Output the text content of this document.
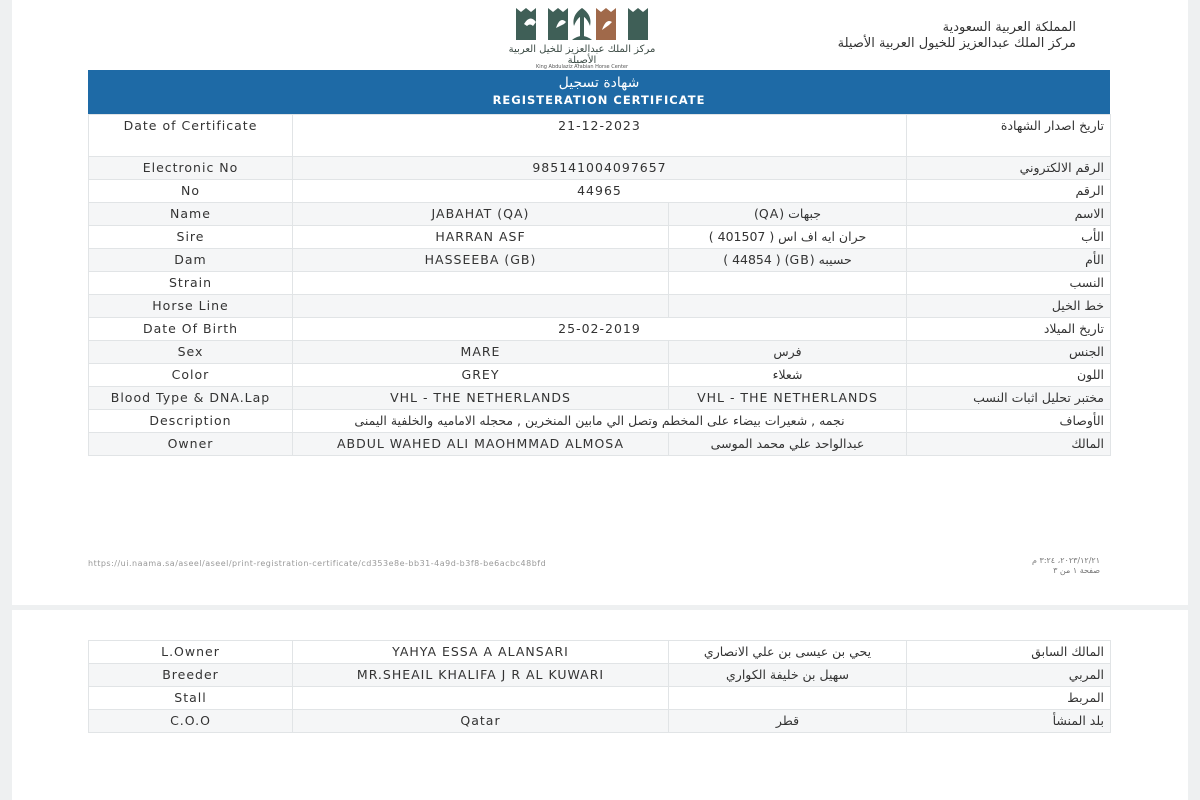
مركز الملك عبدالعزيز للخيل العربية الأصيلة
King Abdulaziz Arabian Horse Center
المملكة العربية السعودية
مركز الملك عبدالعزيز للخيول العربية الأصيلة
شهادة تسجيل
REGISTERATION CERTIFICATE
Date of Certificate	21-12-2023		تاريخ اصدار الشهادة
Electronic No	985141004097657		الرقم الالكتروني
No	44965		الرقم
Name	JABAHAT (QA)	جبهات (QA)	الاسم
Sire	HARRAN ASF	حران ايه اف اس ( 401507 )	الأب
Dam	HASSEEBA (GB)	حسيبه (GB) ( 44854 )	الأم
Strain			النسب
Horse Line			خط الخيل
Date Of Birth	25-02-2019		تاريخ الميلاد
Sex	MARE	فرس	الجنس
Color	GREY	شعلاء	اللون
Blood Type & DNA.Lap	VHL - THE NETHERLANDS	VHL - THE NETHERLANDS	مختبر تحليل اثبات النسب
Description	نجمه , شعيرات بيضاء على المخطم وتصل الي مابين المنخرين , محجله الاماميه والخلفية اليمنى		الأوصاف
Owner	ABDUL WAHED ALI MAOHMMAD ALMOSA	عبدالواحد علي محمد الموسى	المالك
https://ui.naama.sa/aseel/aseel/print-registration-certificate/cd353e8e-bb31-4a9d-b3f8-be6acbc48bfd	٢٠٢٣/١٢/٢١، ٣:٢٤ م
صفحة ١ من ٣
L.Owner	YAHYA ESSA A ALANSARI	يحي بن عيسى بن علي الانصاري	المالك السابق
Breeder	MR.SHEAIL KHALIFA J R AL KUWARI	سهيل بن خليفة الكواري	المربي
Stall			المربط
C.O.O	Qatar	قطر	بلد المنشأ
